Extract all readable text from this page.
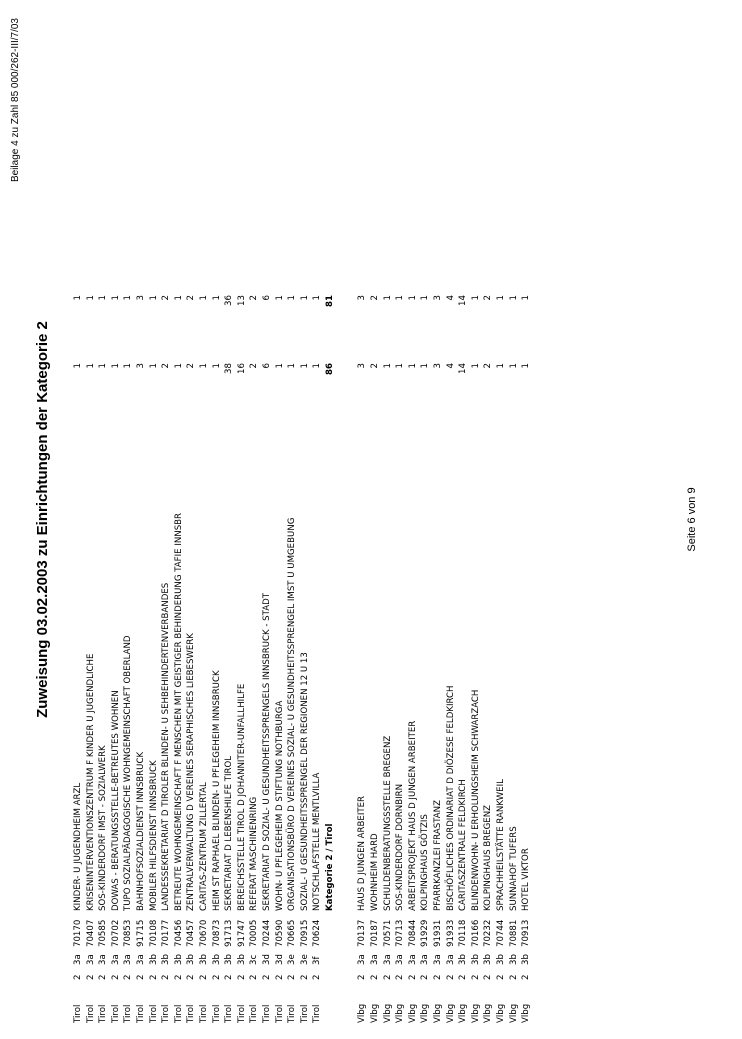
Beilage 4 zu Zahl 85 000/262-III/7/03
Zuweisung 03.02.2003 zu Einrichtungen der Kategorie 2
Tirol
2
3a
70170
KINDER- U JUGENDHEIM ARZL
1
1
Tirol
2
3a
70407
KRISENINTERVENTIONSZENTRUM F KINDER U JUGENDLICHE
1
1
Tirol
2
3a
70585
SOS-KINDERDORF IMST - SOZIALWERK
1
1
Tirol
2
3a
70702
DOWAS - BERATUNGSSTELLE-BETREUTES WOHNEN
1
1
Tirol
2
3a
70853
TUPO SOZIALPÄDAGOGISCHE WOHNGEMEINSCHAFT OBERLAND
1
1
Tirol
2
3a
91715
BAHNHOFSOZIALDIENST INNSBRUCK
3
3
Tirol
2
3b
70108
MOBILER HILFSDIENST INNSBRUCK
1
1
Tirol
2
3b
70177
LANDESSEKRETARIAT D TIROLER BLINDEN- U SEHBEHINDERTENVERBANDES
2
2
Tirol
2
3b
70456
BETREUTE WOHNGEMEINSCHAFT F MENSCHEN MIT GEISTIGER BEHINDERUNG TAFIE INNSBR
1
1
Tirol
2
3b
70457
ZENTRALVERWALTUNG D VEREINES SERAPHISCHES LIEBESWERK
2
2
Tirol
2
3b
70670
CARITAS-ZENTRUM ZILLERTAL
1
1
Tirol
2
3b
70873
HEIM ST RAPHAEL BLINDEN- U PFLEGEHEIM INNSBRUCK
1
1
Tirol
2
3b
91713
SEKRETARIAT D LEBENSHILFE TIROL
38
36
Tirol
2
3b
91747
BEREICHSSTELLE TIROL D JOHANNITER-UNFALLHILFE
16
13
Tirol
2
3c
70005
REFERAT MASCHINENRING
2
2
Tirol
2
3d
70244
SEKRETARIAT D SOZIAL- U GESUNDHEITSSPRENGELS INNSBRUCK - STADT
6
6
Tirol
2
3d
70590
WOHN- U PFLEGEHEIM D STIFTUNG NOTHBURGA
1
1
Tirol
2
3e
70665
ORGANISATIONSBÜRO D VEREINES SOZIAL- U GESUNDHEITSSPRENGEL IMST U UMGEBUNG
1
1
Tirol
2
3e
70915
SOZIAL- U GESUNDHEITSSPRENGEL DER REGIONEN 12 U 13
1
1
Tirol
2
3f
70624
NOTSCHLAFSTELLE MENTLVILLA
1
1
Kategorie 2 / Tirol
86
81
Vlbg
2
3a
70137
HAUS D JUNGEN ARBEITER
3
3
Vlbg
2
3a
70187
WOHNHEIM HARD
2
2
Vlbg
2
3a
70571
SCHULDENBERATUNGSSTELLE BREGENZ
1
1
Vlbg
2
3a
70713
SOS-KINDERDORF DORNBIRN
1
1
Vlbg
2
3a
70844
ARBEITSPROJEKT HAUS D JUNGEN ARBEITER
1
1
Vlbg
2
3a
91929
KOLPINGHAUS GÖTZIS
1
1
Vlbg
2
3a
91931
PFARRKANZLEI FRASTANZ
3
3
Vlbg
2
3a
91933
BISCHÖFLICHES ORDINARIAT D DIÖZESE FELDKIRCH
4
4
Vlbg
2
3b
70118
CARITASZENTRALE FELDKIRCH
14
14
Vlbg
2
3b
70166
BLINDENWOHN- U ERHOLUNGSHEIM SCHWARZACH
1
1
Vlbg
2
3b
70232
KOLPINGHAUS BREGENZ
2
2
Vlbg
2
3b
70744
SPRACHHEILSTÄTTE RANKWEIL
1
1
Vlbg
2
3b
70881
SUNNAHOF TUFERS
1
1
Vlbg
2
3b
70913
HOTEL VIKTOR
1
1
Seite 6 von 9
